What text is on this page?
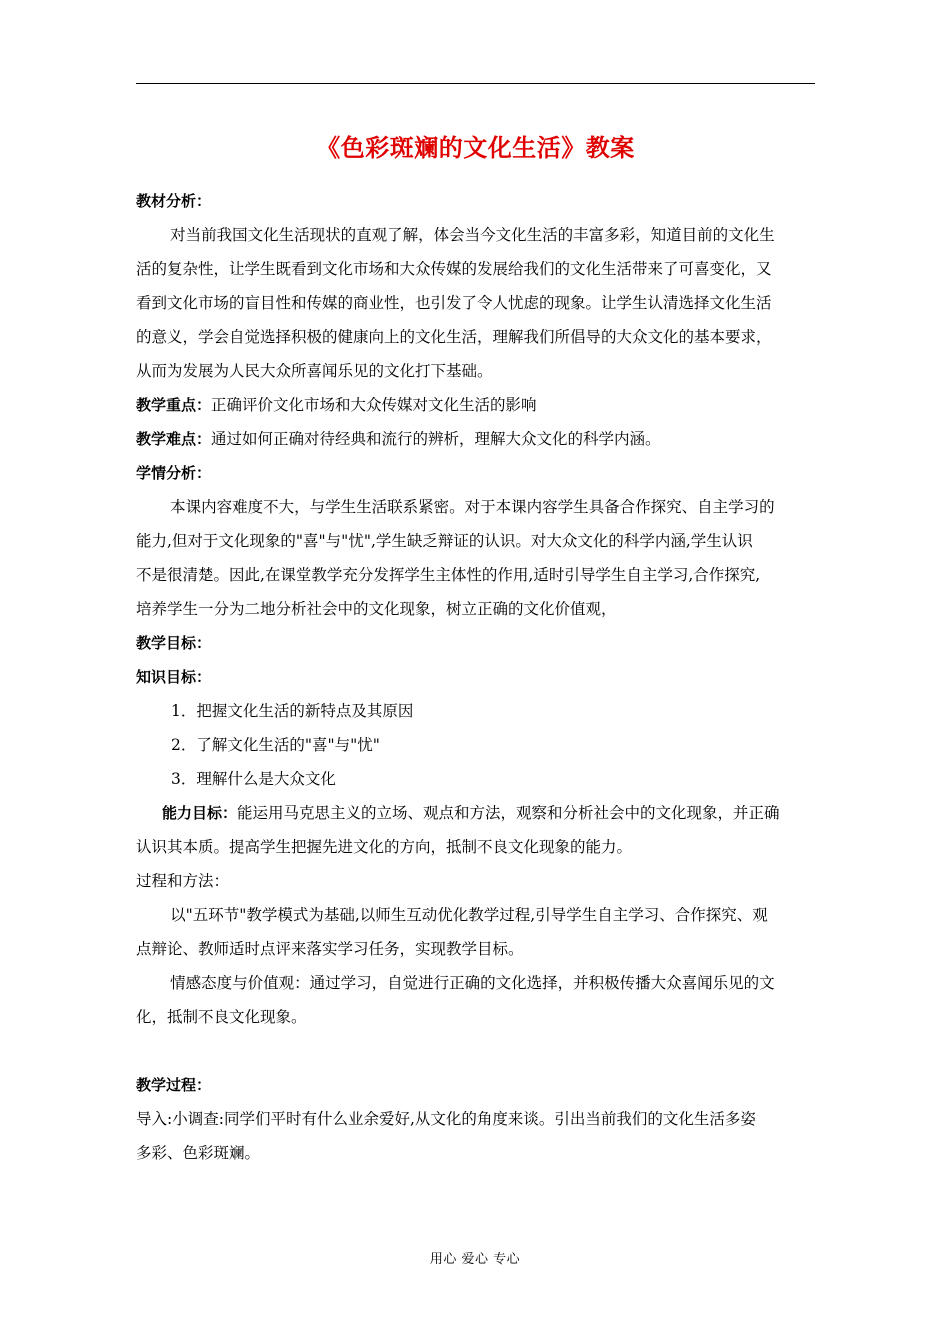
《色彩斑斓的文化生活》教案

教材分析：

对当前我国文化生活现状的直观了解，体会当今文化生活的丰富多彩，知道目前的文化生

活的复杂性，让学生既看到文化市场和大众传媒的发展给我们的文化生活带来了可喜变化，又

看到文化市场的盲目性和传媒的商业性，也引发了令人忧虑的现象。让学生认清选择文化生活

的意义，学会自觉选择积极的健康向上的文化生活，理解我们所倡导的大众文化的基本要求，

从而为发展为人民大众所喜闻乐见的文化打下基础。

教学重点：正确评价文化市场和大众传媒对文化生活的影响

教学难点：通过如何正确对待经典和流行的辨析，理解大众文化的科学内涵。

学情分析：

本课内容难度不大，与学生生活联系紧密。对于本课内容学生具备合作探究、自主学习的

能力,但对于文化现象的"喜"与"忧",学生缺乏辩证的认识。对大众文化的科学内涵,学生认识

不是很清楚。因此,在课堂教学充分发挥学生主体性的作用,适时引导学生自主学习,合作探究,

培养学生一分为二地分析社会中的文化现象，树立正确的文化价值观，

教学目标：

知识目标：

1．把握文化生活的新特点及其原因

2．了解文化生活的"喜"与"忧"

3．理解什么是大众文化

能力目标：能运用马克思主义的立场、观点和方法，观察和分析社会中的文化现象，并正确

认识其本质。提高学生把握先进文化的方向，抵制不良文化现象的能力。

过程和方法：

以"五环节"教学模式为基础,以师生互动优化教学过程,引导学生自主学习、合作探究、观

点辩论、教师适时点评来落实学习任务，实现教学目标。

情感态度与价值观：通过学习，自觉进行正确的文化选择，并积极传播大众喜闻乐见的文

化，抵制不良文化现象。

教学过程：

导入:小调查:同学们平时有什么业余爱好,从文化的角度来谈。引出当前我们的文化生活多姿

多彩、色彩斑斓。

用心 爱心 专心
